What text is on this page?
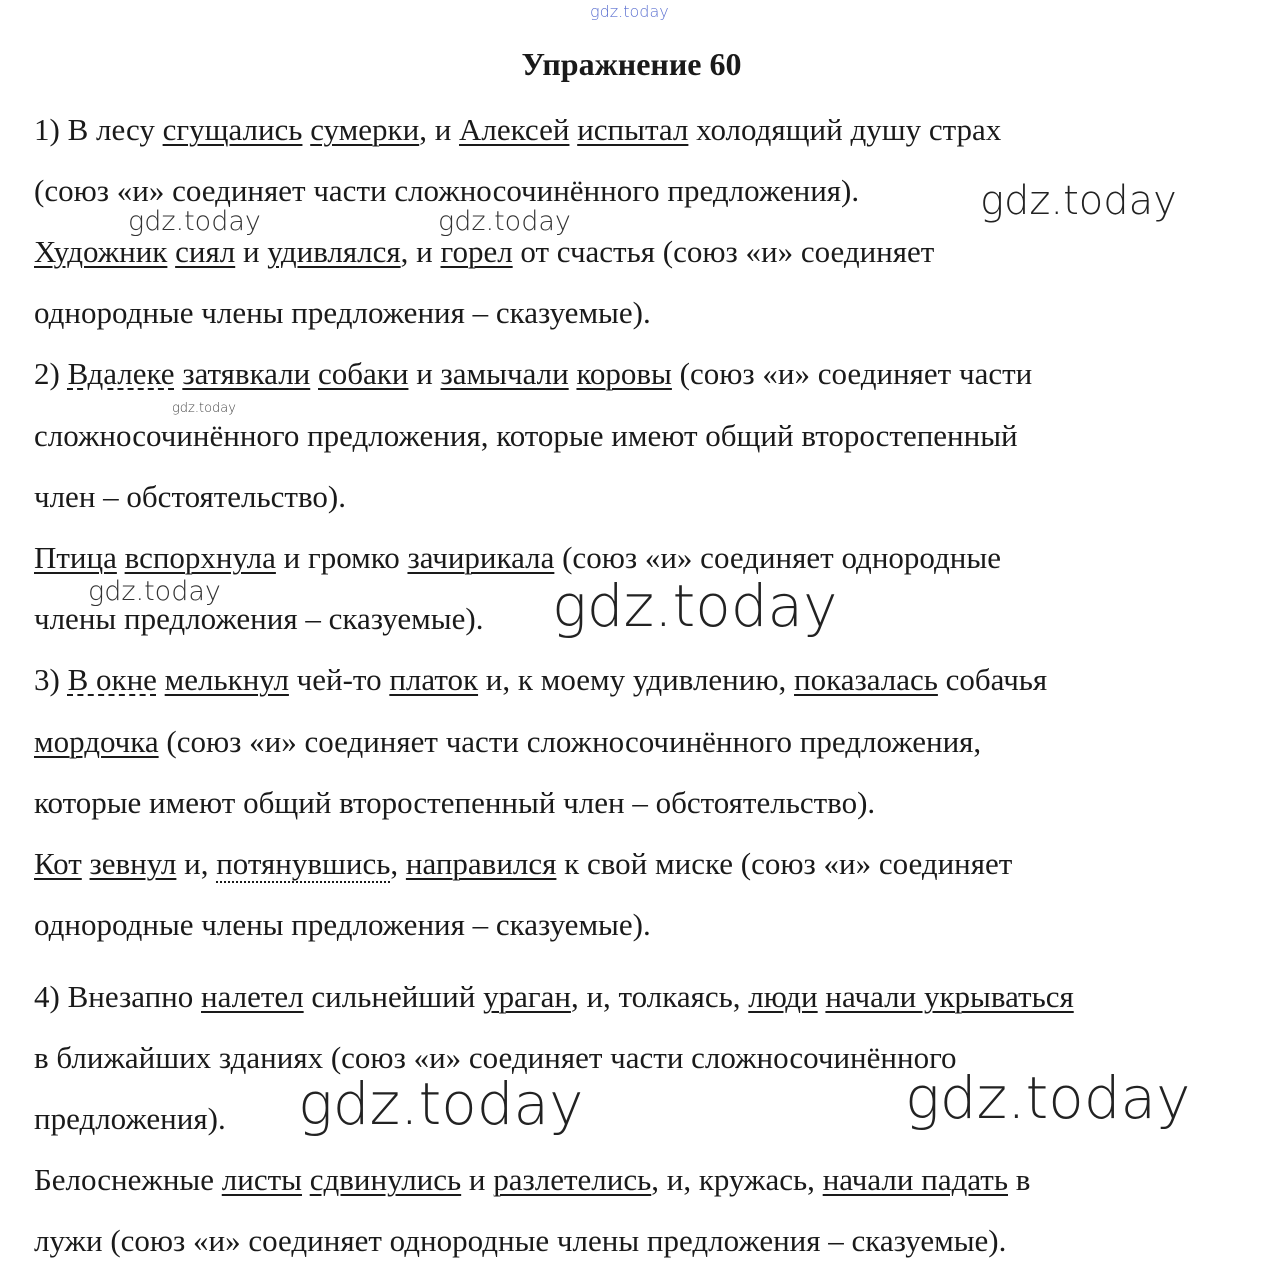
gdz.today
Упражнение 60
1) В лесу сгущались сумерки, и Алексей испытал холодящий душу страх
(союз «и» соединяет части сложносочинённого предложения).
Художник сиял и удивлялся, и горел от счастья (союз «и» соединяет
однородные члены предложения – сказуемые).
2) Вдалеке затявкали собаки и замычали коровы (союз «и» соединяет части
сложносочинённого предложения, которые имеют общий второстепенный
член – обстоятельство).
Птица вспорхнула и громко зачирикала (союз «и» соединяет однородные
члены предложения – сказуемые).
3) В окне мелькнул чей-то платок и, к моему удивлению, показалась собачья
мордочка (союз «и» соединяет части сложносочинённого предложения,
которые имеют общий второстепенный член – обстоятельство).
Кот зевнул и, потянувшись, направился к свой миске (союз «и» соединяет
однородные члены предложения – сказуемые).
4) Внезапно налетел сильнейший ураган, и, толкаясь, люди начали укрываться
в ближайших зданиях (союз «и» соединяет части сложносочинённого
предложения).
Белоснежные листы сдвинулись и разлетелись, и, кружась, начали падать в
лужи (союз «и» соединяет однородные члены предложения – сказуемые).
gdz.today	gdz.today	gdz.today
gdz.today
gdz.today	gdz.today
gdz.today	gdz.today
